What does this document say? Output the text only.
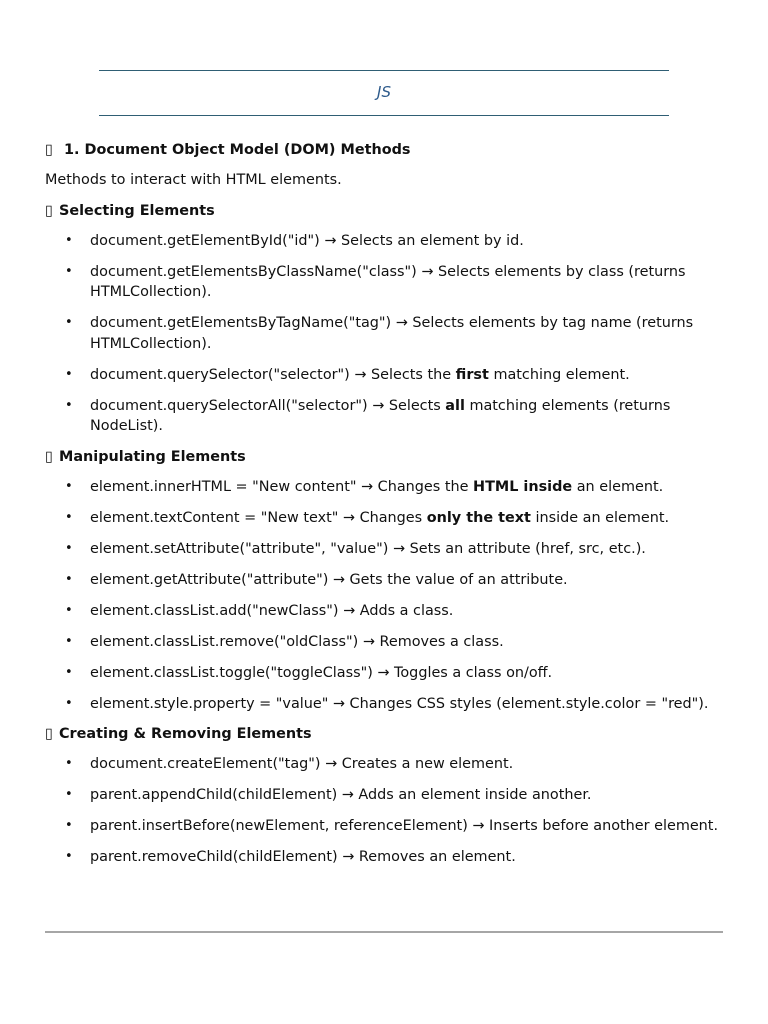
JS
▯ 1. Document Object Model (DOM) Methods
Methods to interact with HTML elements.
▯ Selecting Elements
• document.getElementById("id") → Selects an element by id.
• document.getElementsByClassName("class") → Selects elements by class (returns HTMLCollection).
• document.getElementsByTagName("tag") → Selects elements by tag name (returns HTMLCollection).
• document.querySelector("selector") → Selects the first matching element.
• document.querySelectorAll("selector") → Selects all matching elements (returns NodeList).
▯ Manipulating Elements
• element.innerHTML = "New content" → Changes the HTML inside an element.
• element.textContent = "New text" → Changes only the text inside an element.
• element.setAttribute("attribute", "value") → Sets an attribute (href, src, etc.).
• element.getAttribute("attribute") → Gets the value of an attribute.
• element.classList.add("newClass") → Adds a class.
• element.classList.remove("oldClass") → Removes a class.
• element.classList.toggle("toggleClass") → Toggles a class on/off.
• element.style.property = "value" → Changes CSS styles (element.style.color = "red").
▯ Creating & Removing Elements
• document.createElement("tag") → Creates a new element.
• parent.appendChild(childElement) → Adds an element inside another.
• parent.insertBefore(newElement, referenceElement) → Inserts before another element.
• parent.removeChild(childElement) → Removes an element.
